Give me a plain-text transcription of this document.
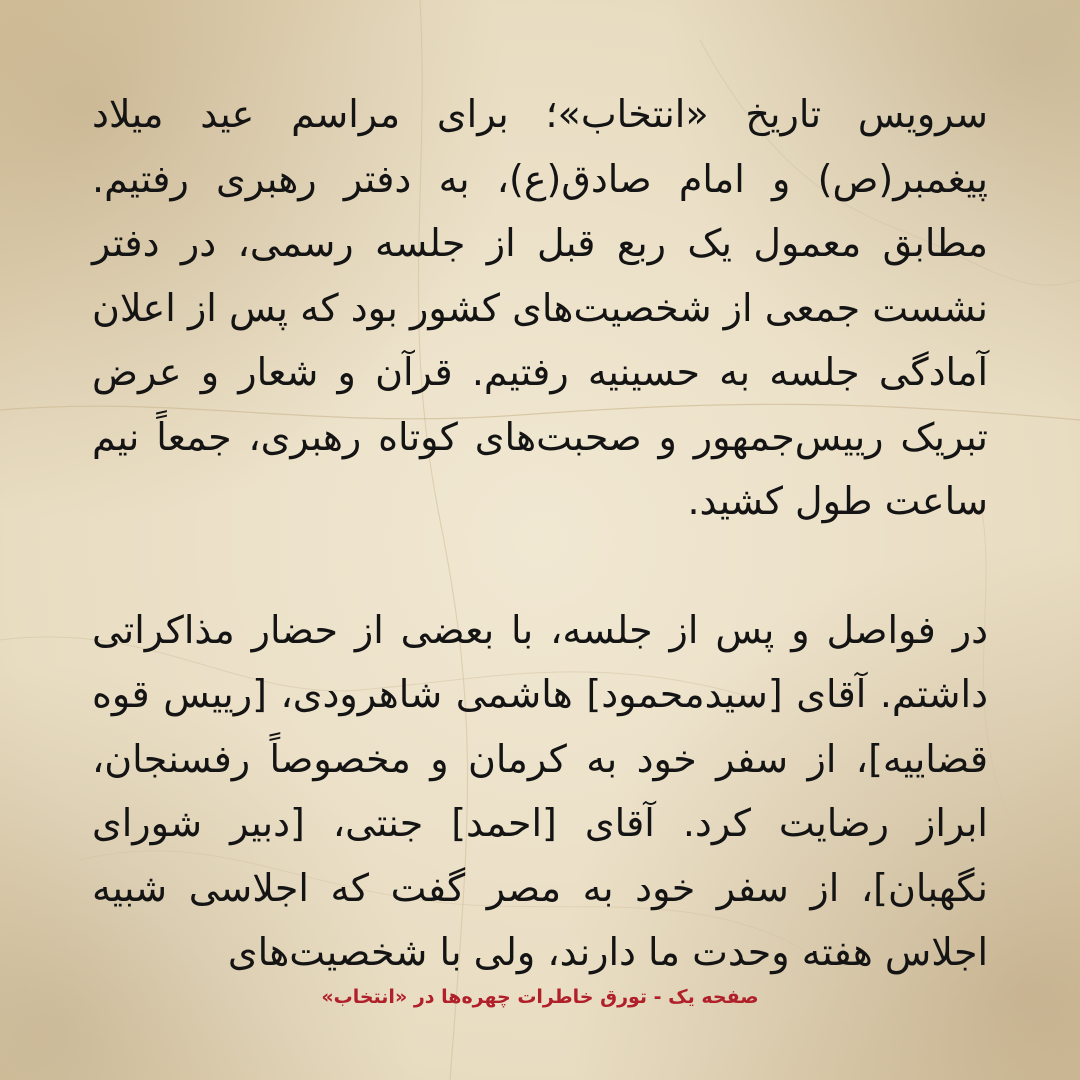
سرویس تاریخ «انتخاب»؛ برای مراسم عید میلاد پیغمبر(ص) و امام صادق(ع)، به دفتر رهبری رفتیم. مطابق معمول یک ربع قبل از جلسه رسمی، در دفتر نشست جمعی از شخصیت‌های کشور بود که پس از اعلان آمادگی جلسه به حسینیه رفتیم. قرآن و شعار و عرض تبریک رییس‌جمهور و صحبت‌های کوتاه رهبری، جمعاً نیم ساعت طول کشید.

در فواصل و پس از جلسه، با بعضی از حضار مذاکراتی داشتم. آقای [سیدمحمود] هاشمی شاهرودی، [رییس قوه قضاییه]، از سفر خود به کرمان و مخصوصاً رفسنجان، ابراز رضایت کرد. آقای [احمد] جنتی، [دبیر شورای نگهبان]، از سفر خود به مصر گفت که اجلاسی شبیه اجلاس هفته وحدت ما دارند، ولی با شخصیت‌های

صفحه یک - تورق خاطرات چهره‌ها در «انتخاب»
